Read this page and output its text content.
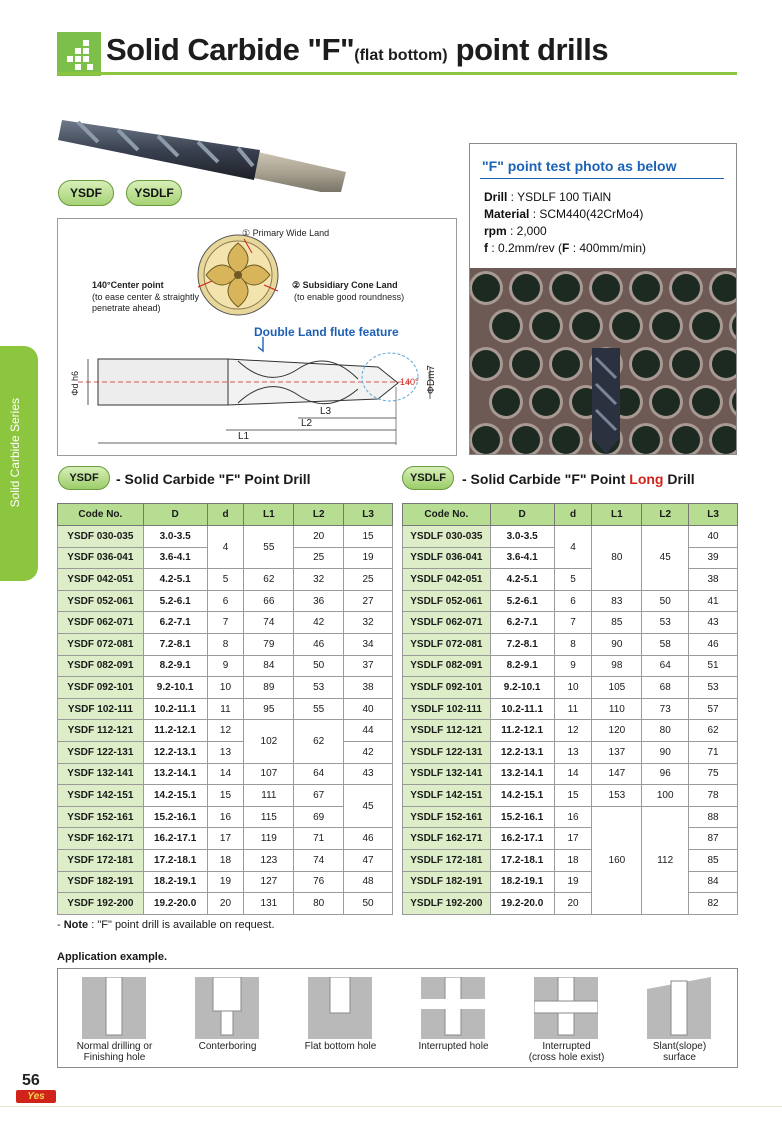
Solid Carbide "F"(flat bottom) point drills
Solid Carbide Series
YSDF	YSDLF
① Primary Wide Land
140°Center point
(to ease center & straightly
penetrate ahead)
② Subsidiary Cone Land
(to enable good roundness)
Double Land flute feature
Φd h6	ΦDm7
140°
L3
L2
L1
"F" point test photo as below
Drill : YSDLF 100 TiAlN
Material : SCM440(42CrMo4)
rpm : 2,000
f : 0.2mm/rev (F : 400mm/min)
YSDF	- Solid Carbide "F" Point Drill
Code No.	D	d	L1	L2	L3
YSDF 030-035	3.0-3.5	4	55	20	15
YSDF 036-041	3.6-4.1			25	19
YSDF 042-051	4.2-5.1	5	62	32	25
YSDF 052-061	5.2-6.1	6	66	36	27
YSDF 062-071	6.2-7.1	7	74	42	32
YSDF 072-081	7.2-8.1	8	79	46	34
YSDF 082-091	8.2-9.1	9	84	50	37
YSDF 092-101	9.2-10.1	10	89	53	38
YSDF 102-111	10.2-11.1	11	95	55	40
YSDF 112-121	11.2-12.1	12	102	62	44
YSDF 122-131	12.2-13.1	13			42
YSDF 132-141	13.2-14.1	14	107	64	43
YSDF 142-151	14.2-15.1	15	111	67	45
YSDF 152-161	15.2-16.1	16	115	69	
YSDF 162-171	16.2-17.1	17	119	71	46
YSDF 172-181	17.2-18.1	18	123	74	47
YSDF 182-191	18.2-19.1	19	127	76	48
YSDF 192-200	19.2-20.0	20	131	80	50
YSDLF	- Solid Carbide "F" Point Long Drill
Code No.	D	d	L1	L2	L3
YSDLF 030-035	3.0-3.5	4	80	45	40
YSDLF 036-041	3.6-4.1				39
YSDLF 042-051	4.2-5.1	5			38
YSDLF 052-061	5.2-6.1	6	83	50	41
YSDLF 062-071	6.2-7.1	7	85	53	43
YSDLF 072-081	7.2-8.1	8	90	58	46
YSDLF 082-091	8.2-9.1	9	98	64	51
YSDLF 092-101	9.2-10.1	10	105	68	53
YSDLF 102-111	10.2-11.1	11	110	73	57
YSDLF 112-121	11.2-12.1	12	120	80	62
YSDLF 122-131	12.2-13.1	13	137	90	71
YSDLF 132-141	13.2-14.1	14	147	96	75
YSDLF 142-151	14.2-15.1	15	153	100	78
YSDLF 152-161	15.2-16.1	16	160	112	88
YSDLF 162-171	16.2-17.1	17			87
YSDLF 172-181	17.2-18.1	18			85
YSDLF 182-191	18.2-19.1	19			84
YSDLF 192-200	19.2-20.0	20			82
- Note : "F" point drill is available on request.
Application example.
Normal drilling or
Finishing hole
Conterboring	Flat bottom hole	Interrupted hole	Interrupted
(cross hole exist)
Slant(slope)
surface
56
Yes
